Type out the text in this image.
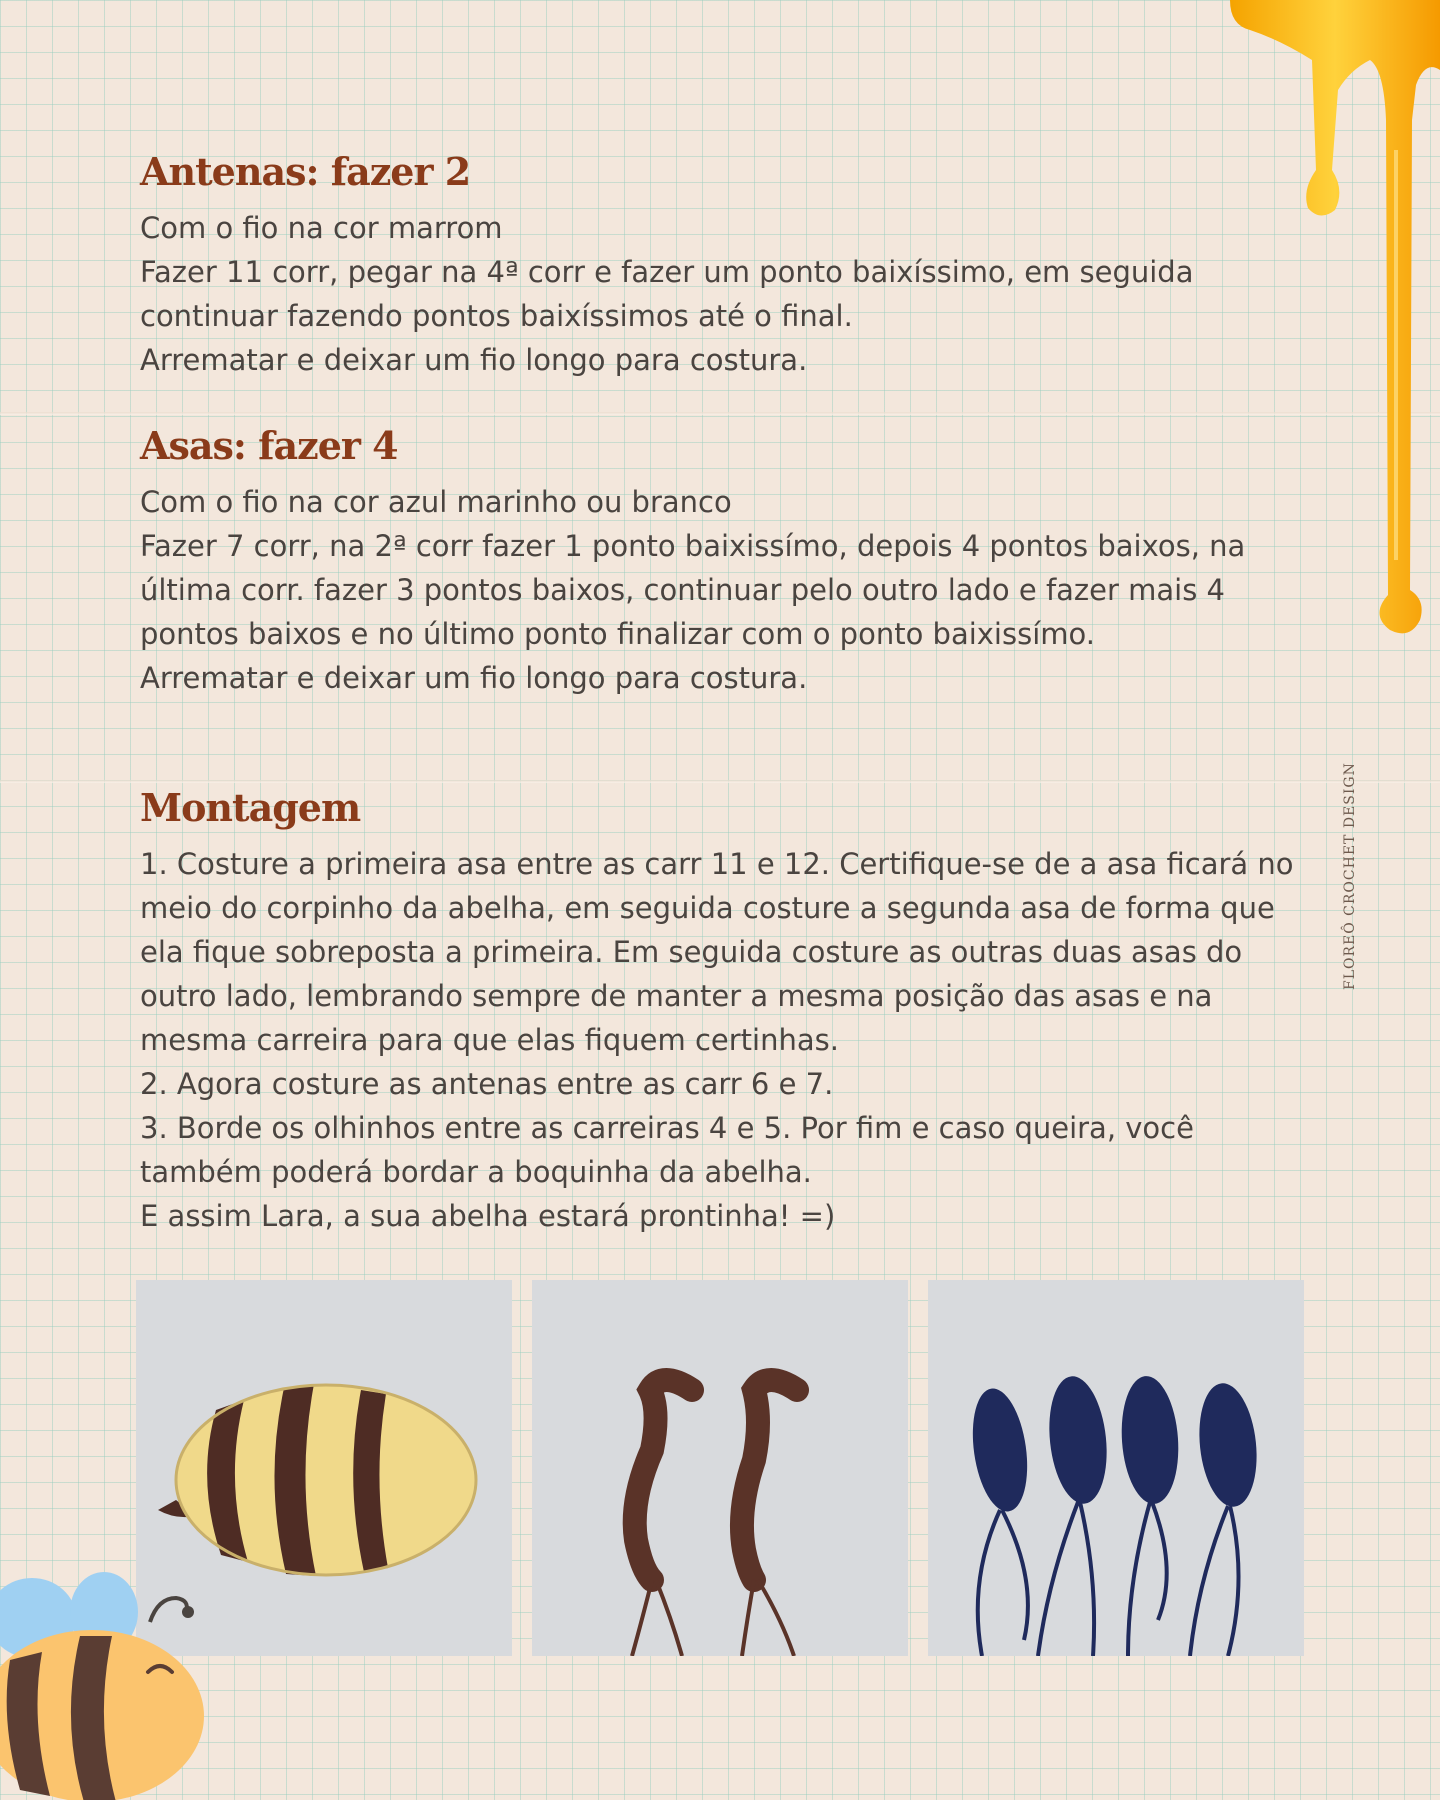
Antenas: fazer 2
Com o fio na cor marrom
Fazer 11 corr, pegar na 4ª corr e fazer um ponto baixíssimo, em seguida continuar fazendo pontos baixíssimos até o final.
Arrematar e deixar um fio longo para costura.
Asas: fazer 4
Com o fio na cor azul marinho ou branco
Fazer 7 corr, na 2ª corr fazer 1 ponto baixissímo, depois 4 pontos baixos, na última corr. fazer 3 pontos baixos, continuar pelo outro lado e fazer mais 4 pontos baixos e no último ponto finalizar com o ponto baixissímo.
Arrematar e deixar um fio longo para costura.
Montagem
1. Costure a primeira asa entre as carr 11 e 12. Certifique-se de a asa ficará no meio do corpinho da abelha, em seguida costure a segunda asa de forma que ela fique sobreposta a primeira. Em seguida costure as outras duas asas do outro lado, lembrando sempre de manter a mesma posição das asas e na mesma carreira para que elas fiquem certinhas.
2. Agora costure as antenas entre as carr 6 e 7.
3. Borde os olhinhos entre as carreiras 4 e 5. Por fim e caso queira, você também poderá bordar a boquinha da abelha.
E assim Lara, a sua abelha estará prontinha! =)
FLOREÔ CROCHET DESIGN
